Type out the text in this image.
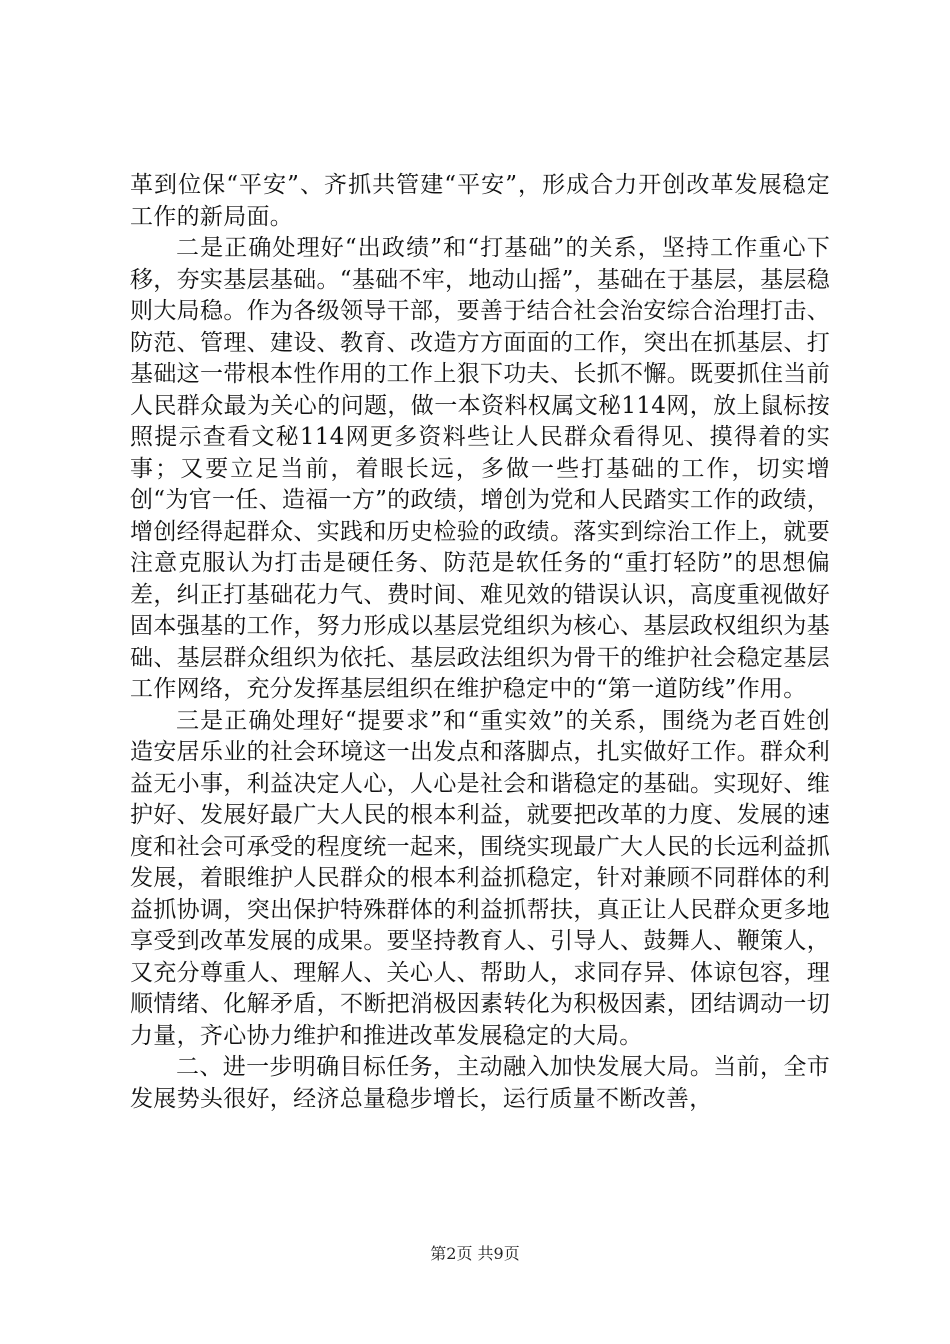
革到位保“平安”、齐抓共管建“平安”，形成合力开创改革发展稳定工作的新局面。

二是正确处理好“出政绩”和“打基础”的关系，坚持工作重心下移，夯实基层基础。“基础不牢，地动山摇”，基础在于基层，基层稳则大局稳。作为各级领导干部，要善于结合社会治安综合治理打击、防范、管理、建设、教育、改造方方面面的工作，突出在抓基层、打基础这一带根本性作用的工作上狠下功夫、长抓不懈。既要抓住当前人民群众最为关心的问题，做一本资料权属文秘114网，放上鼠标按照提示查看文秘114网更多资料些让人民群众看得见、摸得着的实事；又要立足当前，着眼长远，多做一些打基础的工作，切实增创“为官一任、造福一方”的政绩，增创为党和人民踏实工作的政绩，增创经得起群众、实践和历史检验的政绩。落实到综治工作上，就要注意克服认为打击是硬任务、防范是软任务的“重打轻防”的思想偏差，纠正打基础花力气、费时间、难见效的错误认识，高度重视做好固本强基的工作，努力形成以基层党组织为核心、基层政权组织为基础、基层群众组织为依托、基层政法组织为骨干的维护社会稳定基层工作网络，充分发挥基层组织在维护稳定中的“第一道防线”作用。

三是正确处理好“提要求”和“重实效”的关系，围绕为老百姓创造安居乐业的社会环境这一出发点和落脚点，扎实做好工作。群众利益无小事，利益决定人心，人心是社会和谐稳定的基础。实现好、维护好、发展好最广大人民的根本利益，就要把改革的力度、发展的速度和社会可承受的程度统一起来，围绕实现最广大人民的长远利益抓发展，着眼维护人民群众的根本利益抓稳定，针对兼顾不同群体的利益抓协调，突出保护特殊群体的利益抓帮扶，真正让人民群众更多地享受到改革发展的成果。要坚持教育人、引导人、鼓舞人、鞭策人，又充分尊重人、理解人、关心人、帮助人，求同存异、体谅包容，理顺情绪、化解矛盾，不断把消极因素转化为积极因素，团结调动一切力量，齐心协力维护和推进改革发展稳定的大局。

二、进一步明确目标任务，主动融入加快发展大局。当前，全市发展势头很好，经济总量稳步增长，运行质量不断改善，

第2页 共9页
